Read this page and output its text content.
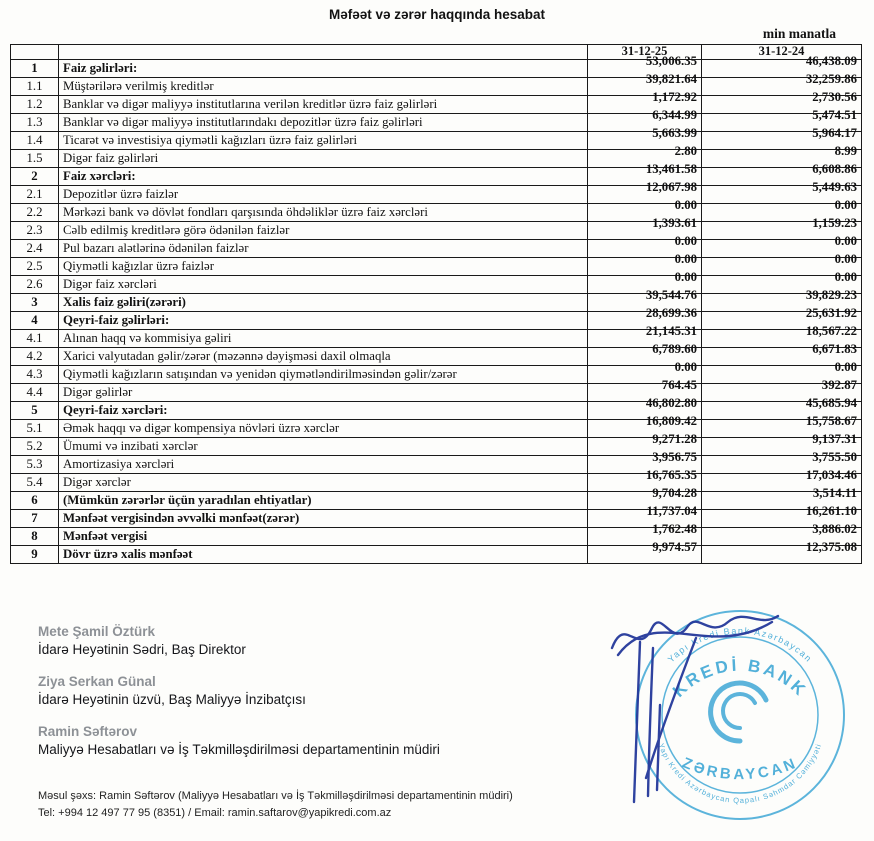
Məfəət və zərər haqqında hesabat
min manatla
		31-12-25	31-12-24
1	Faiz gəlirləri:	53,006.35	46,438.09
1.1	Müştərilərə verilmiş kreditlər	39,821.64	32,259.86
1.2	Banklar və digər maliyyə institutlarına verilən kreditlər üzrə faiz gəlirləri	1,172.92	2,730.56
1.3	Banklar və digər maliyyə institutlarındakı depozitlər üzrə faiz gəlirləri	6,344.99	5,474.51
1.4	Ticarət və investisiya qiymətli kağızları üzrə faiz gəlirləri	5,663.99	5,964.17
1.5	Digər faiz gəlirləri	2.80	8.99
2	Faiz xərcləri:	13,461.58	6,608.86
2.1	Depozitlər üzrə faizlər	12,067.98	5,449.63
2.2	Mərkəzi bank və dövlət fondları qarşısında öhdəliklər üzrə faiz xərcləri	0.00	0.00
2.3	Cəlb edilmiş kreditlərə görə ödənilən faizlər	1,393.61	1,159.23
2.4	Pul bazarı alətlərinə ödənilən faizlər	0.00	0.00
2.5	Qiymətli kağızlar üzrə faizlər	0.00	0.00
2.6	Digər faiz xərcləri	0.00	0.00
3	Xalis faiz gəliri(zərəri)	39,544.76	39,829.23
4	Qeyri-faiz gəlirləri:	28,699.36	25,631.92
4.1	Alınan haqq və kommisiya gəliri	21,145.31	18,567.22
4.2	Xarici valyutadan gəlir/zərər (məzənnə dəyişməsi daxil olmaqla	6,789.60	6,671.83
4.3	Qiymətli kağızların satışından və yenidən qiymətləndirilməsindən gəlir/zərər	0.00	0.00
4.4	Digər gəlirlər	764.45	392.87
5	Qeyri-faiz xərcləri:	46,802.80	45,685.94
5.1	Əmək haqqı və digər kompensiya növləri üzrə xərclər	16,809.42	15,758.67
5.2	Ümumi və inzibati xərclər	9,271.28	9,137.31
5.3	Amortizasiya xərcləri	3,956.75	3,755.50
5.4	Digər xərclər	16,765.35	17,034.46
6	(Mümkün zərərlər üçün yaradılan ehtiyatlar)	9,704.28	3,514.11
7	Mənfəət vergisindən əvvəlki mənfəət(zərər)	11,737.04	16,261.10
8	Mənfəət vergisi	1,762.48	3,886.02
9	Dövr üzrə xalis mənfəət	9,974.57	12,375.08
Mete Şamil Öztürk
İdarə Heyətinin Sədri, Baş Direktor
Ziya Serkan Günal
İdarə Heyətinin üzvü, Baş Maliyyə İnzibatçısı
Ramin Səftərov
Maliyyə Hesabatları və İş Təkmilləşdirilməsi departamentinin müdiri
Məsul şəxs: Ramin Səftərov (Maliyyə Hesabatları və İş Təkmilləşdirilməsi departamentinin müdiri)
Tel: +994 12 497 77 95 (8351) / Email: ramin.saftarov@yapikredi.com.az
Yapı Kredi Bank Azərbaycan
Yapı Kredi Azərbaycan Qapalı Səhmdar Cəmiyyəti
KREDİ BANK
ZƏRBAYCAN
